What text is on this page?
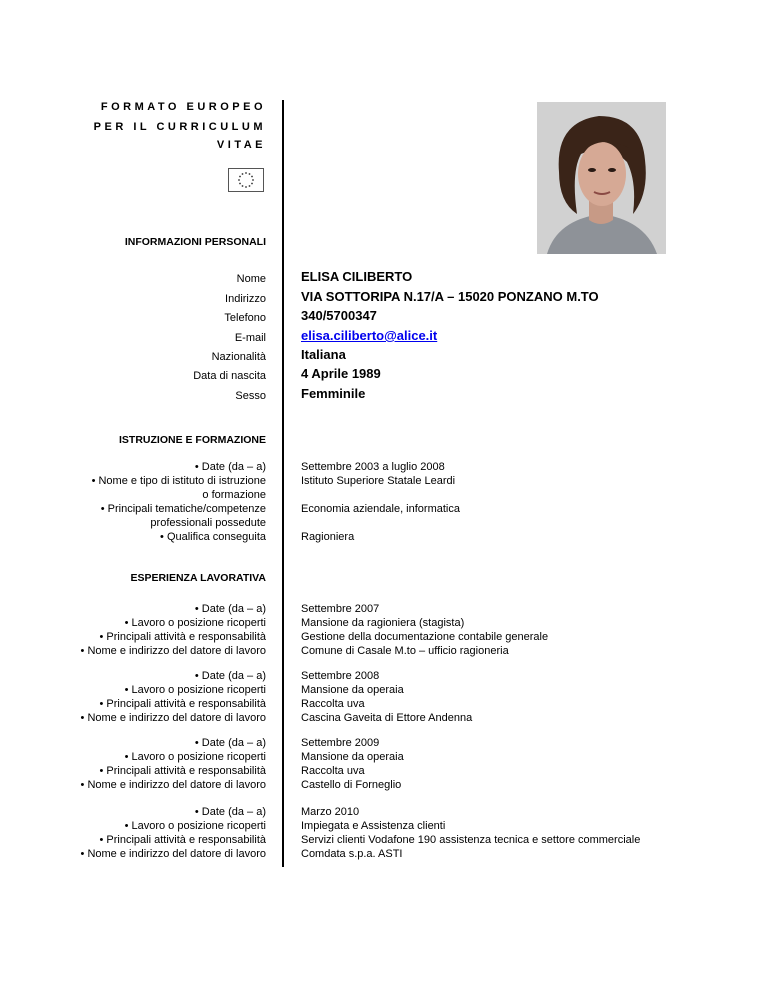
FORMATO EUROPEO
PER IL CURRICULUM
VITAE
INFORMAZIONI PERSONALI
Nome
Indirizzo
Telefono
E-mail
Nazionalità
Data di nascita
Sesso
ELISA CILIBERTO
VIA SOTTORIPA N.17/A – 15020 PONZANO M.TO
340/5700347
elisa.ciliberto@alice.it
Italiana
4 Aprile 1989
Femminile
ISTRUZIONE E FORMAZIONE
• Date (da – a)
• Nome e tipo di istituto di istruzione
o formazione
• Principali tematiche/competenze
professionali possedute
• Qualifica conseguita
Settembre 2003 a luglio 2008
Istituto Superiore Statale Leardi
Economia aziendale, informatica
Ragioniera
ESPERIENZA LAVORATIVA
• Date (da – a)
• Lavoro o posizione ricoperti
• Principali attività e responsabilità
• Nome e indirizzo del datore di lavoro
Settembre 2007
Mansione da ragioniera (stagista)
Gestione della documentazione contabile generale
Comune di Casale M.to – ufficio ragioneria
• Date (da – a)
• Lavoro o posizione ricoperti
• Principali attività e responsabilità
• Nome e indirizzo del datore di lavoro
Settembre 2008
Mansione da operaia
Raccolta uva
Cascina Gaveita di Ettore Andenna
• Date (da – a)
• Lavoro o posizione ricoperti
• Principali attività e responsabilità
• Nome e indirizzo del datore di lavoro
Settembre 2009
Mansione da operaia
Raccolta uva
Castello di Forneglio
• Date (da – a)
• Lavoro o posizione ricoperti
• Principali attività e responsabilità
• Nome e indirizzo del datore di lavoro
Marzo 2010
Impiegata e Assistenza clienti
Servizi clienti Vodafone 190 assistenza tecnica e settore commerciale
Comdata s.p.a. ASTI
